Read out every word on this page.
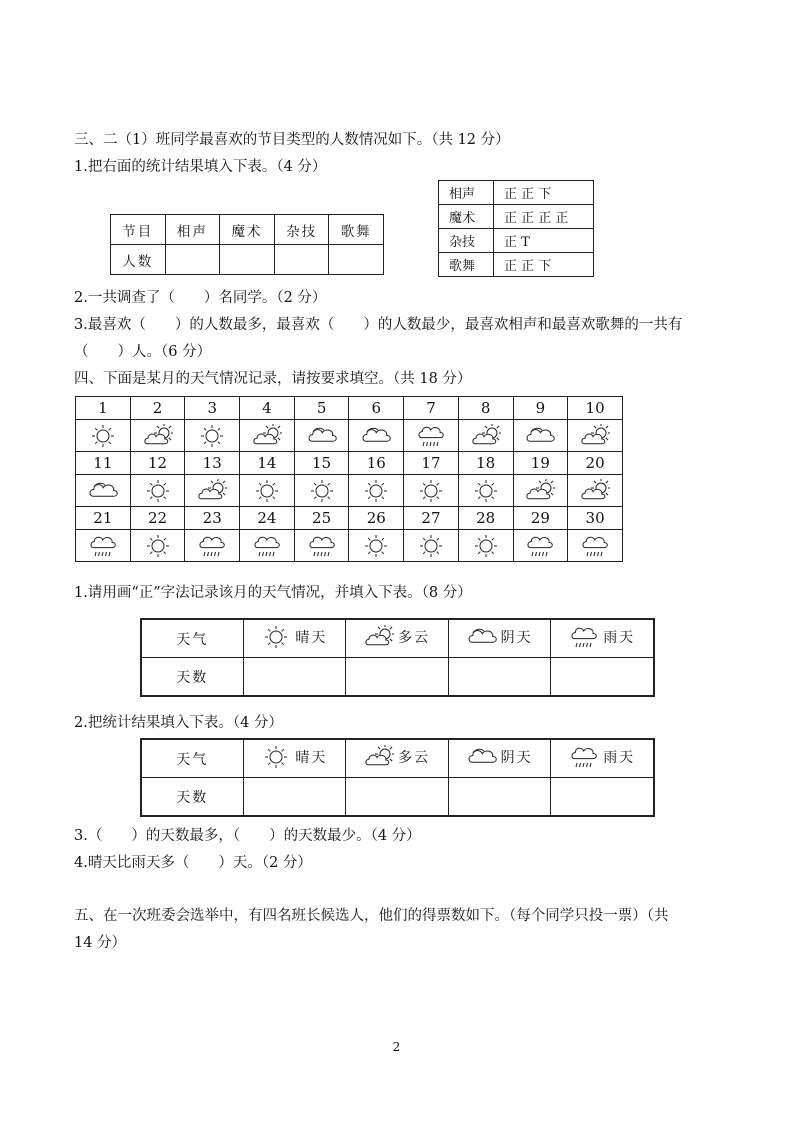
三、二（1）班同学最喜欢的节目类型的人数情况如下。（共 12 分）
1.把右面的统计结果填入下表。（4 分）
相声	正 正 下
魔术	正 正 正 正
杂技	正 T
歌舞	正 正 下
节目	相声	魔术	杂技	歌舞
人数				
2.一共调查了（　　）名同学。（2 分）
3.最喜欢（　　）的人数最多，最喜欢（　　）的人数最少，最喜欢相声和最喜欢歌舞的一共有
（　　）人。（6 分）
四、下面是某月的天气情况记录，请按要求填空。（共 18 分）
1	2	3	4	5	6	7	8	9	10

11	12	13	14	15	16	17	18	19	20

21	22	23	24	25	26	27	28	29	30

1.请用画“正”字法记录该月的天气情况，并填入下表。（8 分）
天气	晴天	多云	阴天	雨天

天数				
2.把统计结果填入下表。（4 分）
天气	晴天	多云	阴天	雨天

天数				
3.（　　）的天数最多，（　　）的天数最少。（4 分）
4.晴天比雨天多（　　）天。（2 分）
五、在一次班委会选举中，有四名班长候选人，他们的得票数如下。（每个同学只投一票）（共
14 分）
2
